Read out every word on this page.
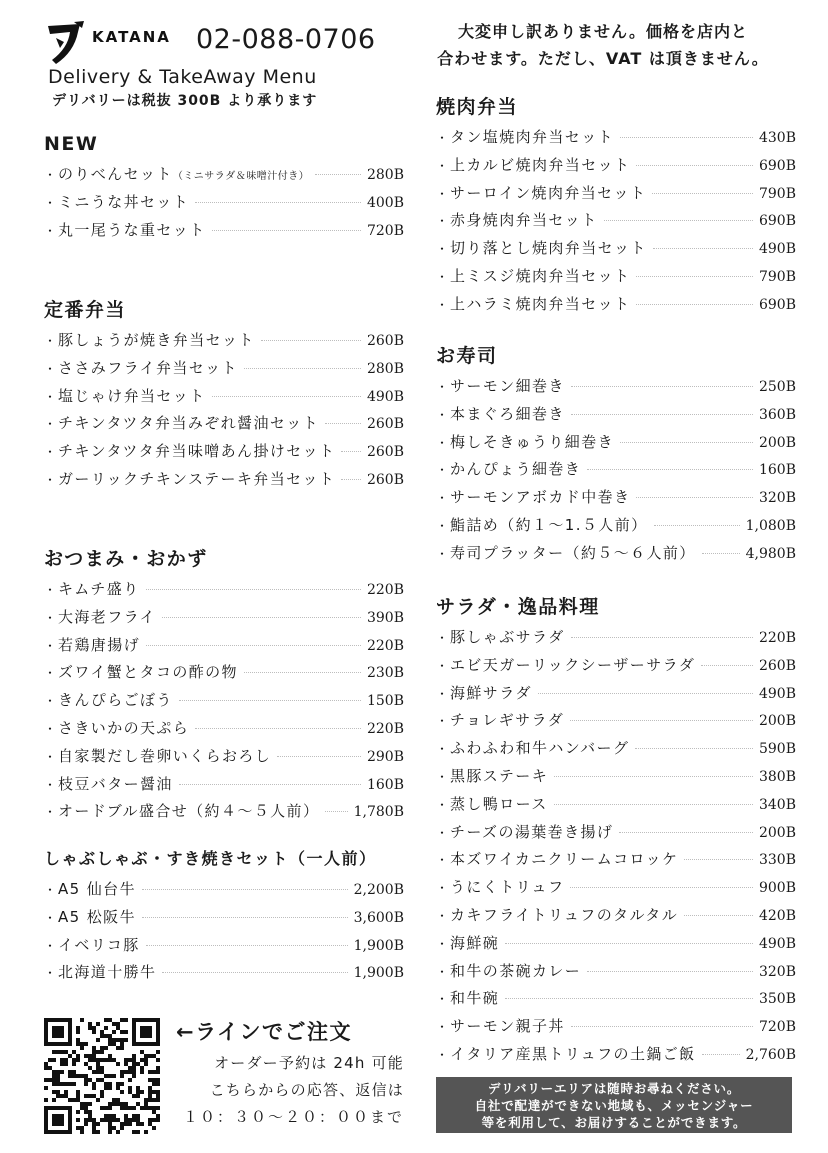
KATANA 02-088-0706
Delivery & TakeAway Menu
デリバリーは税抜 300B より承ります
大変申し訳ありません。価格を店内と
合わせます。ただし、VAT は頂きません。
NEW
・ のりべんセット （ミニサラダ＆味噌汁付き）	280B
・ ミニうな丼セット	400B
・ 丸一尾うな重セット	720B
定番弁当
・ 豚しょうが焼き弁当セット	260B
・ ささみフライ弁当セット	280B
・ 塩じゃけ弁当セット	490B
・ チキンタツタ弁当みぞれ醤油セット	260B
・ チキンタツタ弁当味噌あん掛けセット 260B
・ ガーリックチキンステーキ弁当セット 260B
おつまみ・おかず
・ キムチ盛り	220B
・ 大海老フライ	390B
・ 若鶏唐揚げ	220B
・ ズワイ蟹とタコの酢の物	230B
・ きんぴらごぼう	150B
・ さきいかの天ぷら	220B
・ 自家製だし巻卵いくらおろし	290B
・ 枝豆バター醤油	160B
・ オードブル盛合せ（約４～５人前） 1,780B
しゃぶしゃぶ・すき焼きセット（一人前）
・ A5 仙台牛	2,200B
・ A5 松阪牛	3,600B
・ イベリコ豚	1,900B
・ 北海道十勝牛	1,900B
焼肉弁当
・ タン塩焼肉弁当セット	430B
・ 上カルビ焼肉弁当セット	690B
・ サーロイン焼肉弁当セット	790B
・ 赤身焼肉弁当セット	690B
・ 切り落とし焼肉弁当セット	490B
・ 上ミスジ焼肉弁当セット	790B
・ 上ハラミ焼肉弁当セット	690B
お寿司
・ サーモン細巻き	250B
・ 本まぐろ細巻き	360B
・ 梅しそきゅうり細巻き	200B
・ かんぴょう細巻き	160B
・ サーモンアボカド中巻き	320B
・ 鮨詰め（約１～1.５人前）	1,080B
・ 寿司プラッター（約５～６人前）	4,980B
サラダ・逸品料理
・ 豚しゃぶサラダ	220B
・ エビ天ガーリックシーザーサラダ	260B
・ 海鮮サラダ	490B
・ チョレギサラダ	200B
・ ふわふわ和牛ハンバーグ	590B
・ 黒豚ステーキ	380B
・ 蒸し鴨ロース	340B
・ チーズの湯葉巻き揚げ	200B
・ 本ズワイカニクリームコロッケ	330B
・ うにくトリュフ	900B
・ カキフライトリュフのタルタル	420B
・ 海鮮碗	490B
・ 和牛の茶碗カレー	320B
・ 和牛碗	350B
・ サーモン親子丼	720B
・ イタリア産黒トリュフの土鍋ご飯	2,760B
←ラインでご注文
オーダー予約は 24h 可能
こちらからの応答、返信は
１０：３０～２０：００まで
デリバリーエリアは随時お尋ねください。
自社で配達ができない地域も、メッセンジャー
等を利用して、お届けすることができます。
